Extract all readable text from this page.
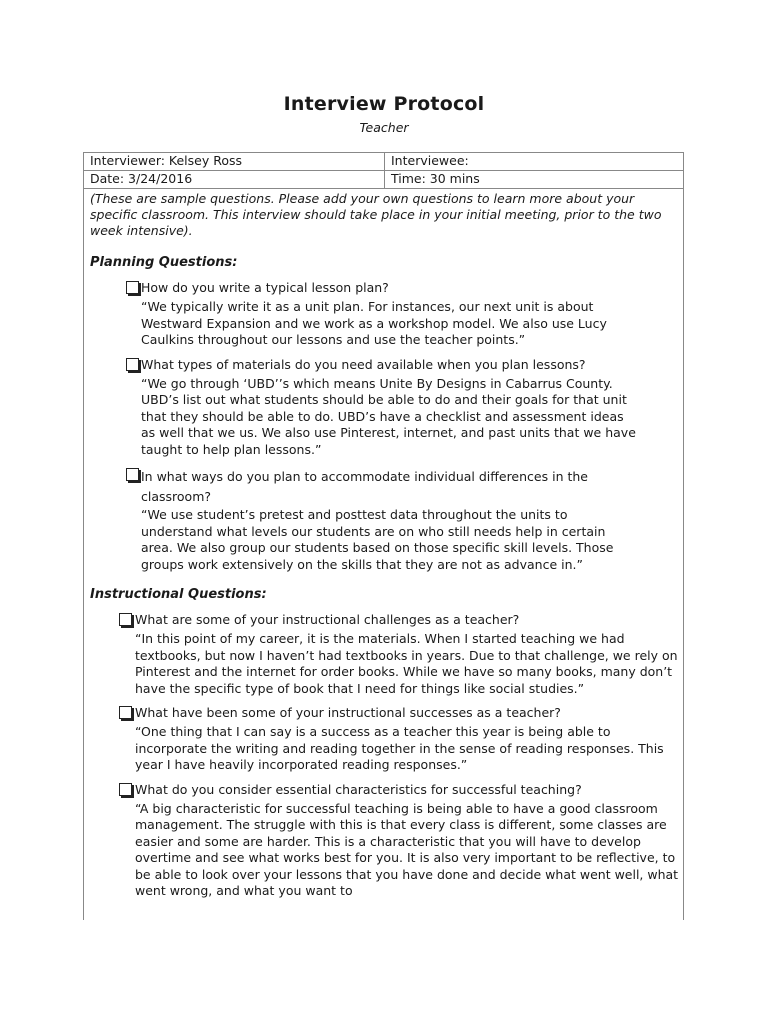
Interview Protocol
Teacher
Interviewer: Kelsey Ross	Interviewee:
Date: 3/24/2016	Time: 30 mins

(These are sample questions. Please add your own questions to learn more about your specific classroom. This interview should take place in your initial meeting, prior to the two week intensive).

Planning Questions:

How do you write a typical lesson plan?

“We typically write it as a unit plan. For instances, our next unit is about Westward Expansion and we work as a workshop model. We also use Lucy Caulkins throughout our lessons and use the teacher points.”

What types of materials do you need available when you plan lessons?

“We go through ‘UBD’’s which means Unite By Designs in Cabarrus County. UBD’s list out what students should be able to do and their goals for that unit that they should be able to do. UBD’s have a checklist and assessment ideas as well that we us. We also use Pinterest, internet, and past units that we have taught to help plan lessons.”

In what ways do you plan to accommodate individual differences in the classroom?

“We use student’s pretest and posttest data throughout the units to understand what levels our students are on who still needs help in certain area. We also group our students based on those specific skill levels. Those groups work extensively on the skills that they are not as advance in.”

Instructional Questions:

What are some of your instructional challenges as a teacher?

“In this point of my career, it is the materials. When I started teaching we had textbooks, but now I haven’t had textbooks in years. Due to that challenge, we rely on Pinterest and the internet for order books. While we have so many books, many don’t have the specific type of book that I need for things like social studies.”

What have been some of your instructional successes as a teacher?

“One thing that I can say is a success as a teacher this year is being able to incorporate the writing and reading together in the sense of reading responses. This year I have heavily incorporated reading responses.”

What do you consider essential characteristics for successful teaching?

“A big characteristic for successful teaching is being able to have a good classroom management. The struggle with this is that every class is different, some classes are easier and some are harder. This is a characteristic that you will have to develop overtime and see what works best for you. It is also very important to be reflective, to be able to look over your lessons that you have done and decide what went well, what went wrong, and what you want to
